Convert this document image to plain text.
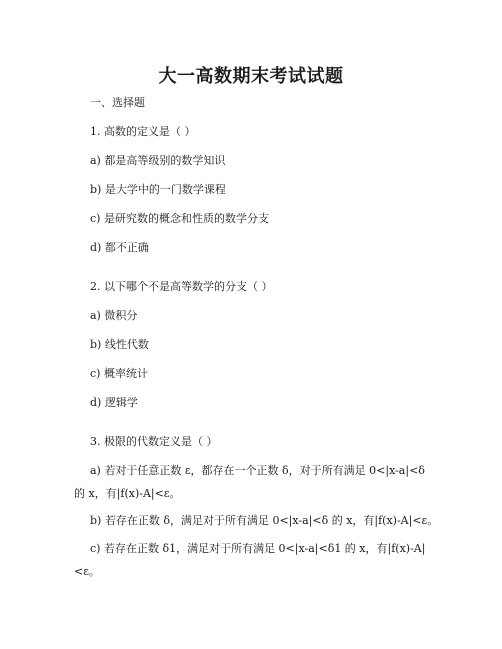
大一高数期末考试试题
一、选择题
1. 高数的定义是（ ）
a) 都是高等级别的数学知识
b) 是大学中的一门数学课程
c) 是研究数的概念和性质的数学分支
d) 都不正确
2. 以下哪个不是高等数学的分支（ ）
a) 微积分
b) 线性代数
c) 概率统计
d) 逻辑学
3. 极限的代数定义是（ ）
a) 若对于任意正数 ε，都存在一个正数 δ，对于所有满足 0<|x-a|<δ 的 x，有|f(x)-A|<ε。
b) 若存在正数 δ，满足对于所有满足 0<|x-a|<δ 的 x，有|f(x)-A|<ε。
c) 若存在正数 δ1，满足对于所有满足 0<|x-a|<δ1 的 x，有|f(x)-A|<ε。
